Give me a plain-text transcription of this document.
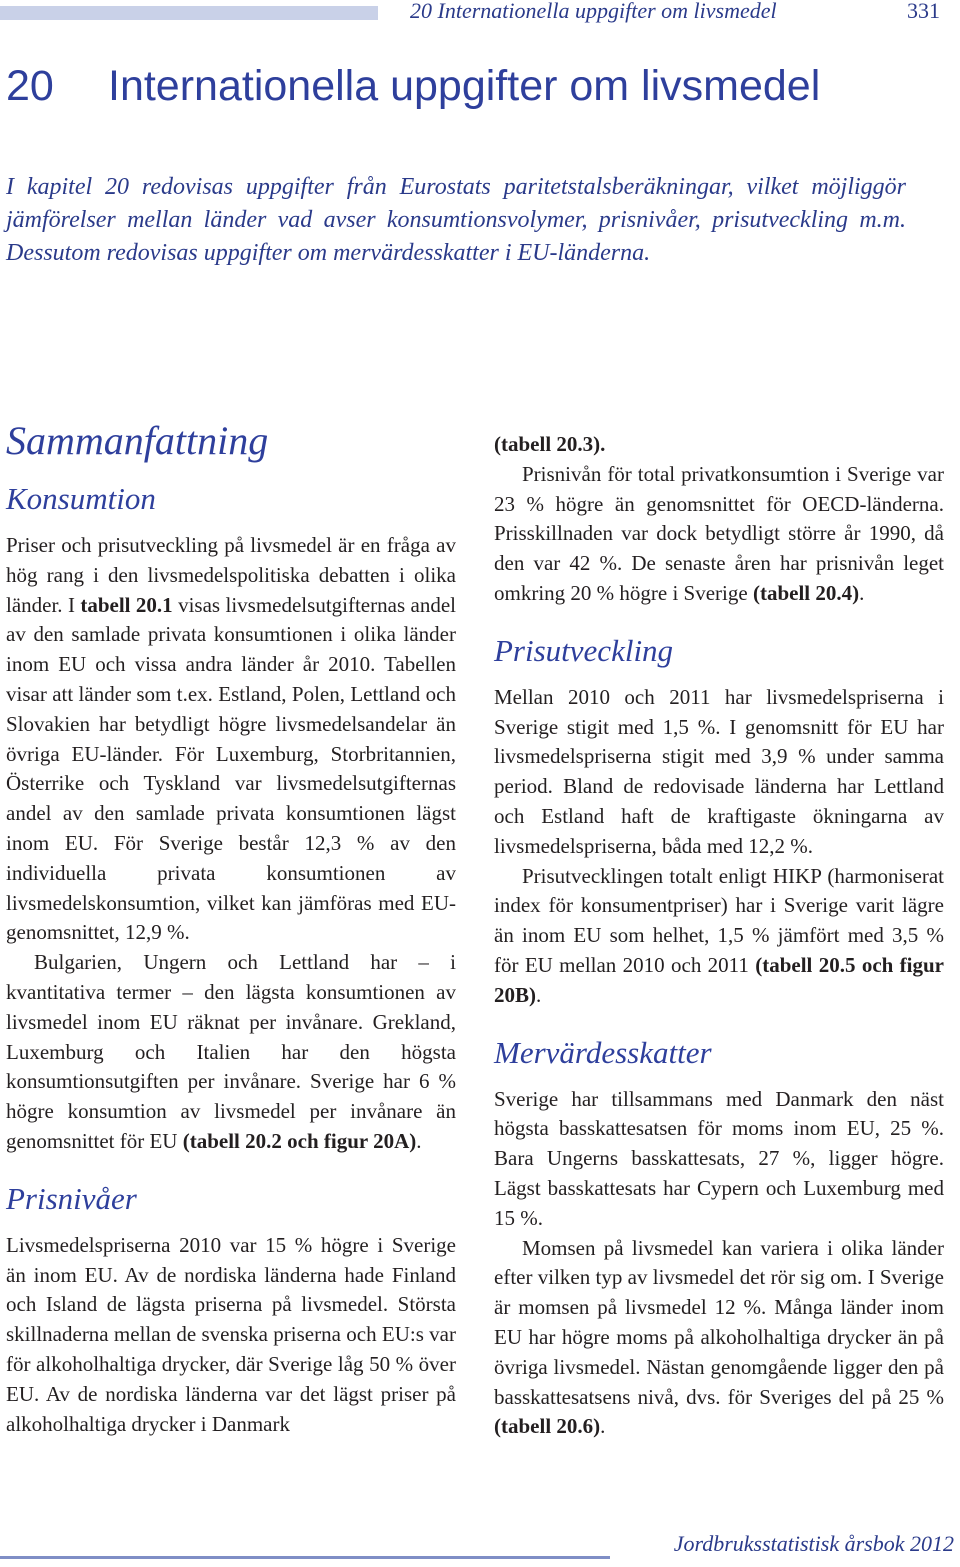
20 Internationella uppgifter om livsmedel	331
20 Internationella uppgifter om livsmedel
I kapitel 20 redovisas uppgifter från Eurostats paritetstalsberäkningar, vilket möjliggör jämförelser mellan länder vad avser konsumtionsvolymer, prisnivåer, prisutveckling m.m. Dessutom redovisas uppgifter om mervärdesskatter i EU-länderna.
Sammanfattning
Konsumtion

Priser och prisutveckling på livsmedel är en fråga av hög rang i den livsmedelspolitiska debatten i olika länder. I tabell 20.1 visas livsmedelsutgifternas andel av den samlade privata konsumtionen i olika länder inom EU och vissa andra länder år 2010. Tabellen visar att länder som t.ex. Estland, Polen, Lettland och Slovakien har betydligt högre livsmedelsandelar än övriga EU-länder. För Luxemburg, Storbritannien, Österrike och Tyskland var livsmedelsutgifternas andel av den samlade privata konsumtionen lägst inom EU. För Sverige består 12,3 % av den individuella privata konsumtionen av livsmedelskonsumtion, vilket kan jämföras med EU-genomsnittet, 12,9 %.

Bulgarien, Ungern och Lettland har – i kvantitativa termer – den lägsta konsumtionen av livsmedel inom EU räknat per invånare. Grekland, Luxemburg och Italien har den högsta konsumtionsutgiften per invånare. Sverige har 6 % högre konsumtion av livsmedel per invånare än genomsnittet för EU (tabell 20.2 och figur 20A).

Prisnivåer

Livsmedelspriserna 2010 var 15 % högre i Sverige än inom EU. Av de nordiska länderna hade Finland och Island de lägsta priserna på livsmedel. Största skillnaderna mellan de svenska priserna och EU:s var för alkoholhaltiga drycker, där Sverige låg 50 % över EU. Av de nordiska länderna var det lägst priser på alkoholhaltiga drycker i Danmark

(tabell 20.3).

Prisnivån för total privatkonsumtion i Sverige var 23 % högre än genomsnittet för OECD-länderna. Prisskillnaden var dock betydligt större år 1990, då den var 42 %. De senaste åren har prisnivån leget omkring 20 % högre i Sverige (tabell 20.4).

Prisutveckling

Mellan 2010 och 2011 har livsmedelspriserna i Sverige stigit med 1,5 %. I genomsnitt för EU har livsmedelspriserna stigit med 3,9 % under samma period. Bland de redovisade länderna har Lettland och Estland haft de kraftigaste ökningarna av livsmedelspriserna, båda med 12,2 %.

Prisutvecklingen totalt enligt HIKP (harmoniserat index för konsumentpriser) har i Sverige varit lägre än inom EU som helhet, 1,5 % jämfört med 3,5 % för EU mellan 2010 och 2011 (tabell 20.5 och figur 20B).

Mervärdesskatter

Sverige har tillsammans med Danmark den näst högsta basskattesatsen för moms inom EU, 25 %. Bara Ungerns basskattesats, 27 %, ligger högre. Lägst basskattesats har Cypern och Luxemburg med 15 %.

Momsen på livsmedel kan variera i olika länder efter vilken typ av livsmedel det rör sig om. I Sverige är momsen på livsmedel 12 %. Många länder inom EU har högre moms på alkoholhaltiga drycker än på övriga livsmedel. Nästan genomgående ligger den på basskattesatsens nivå, dvs. för Sveriges del på 25 % (tabell 20.6).

Jordbruksstatistisk årsbok 2012
